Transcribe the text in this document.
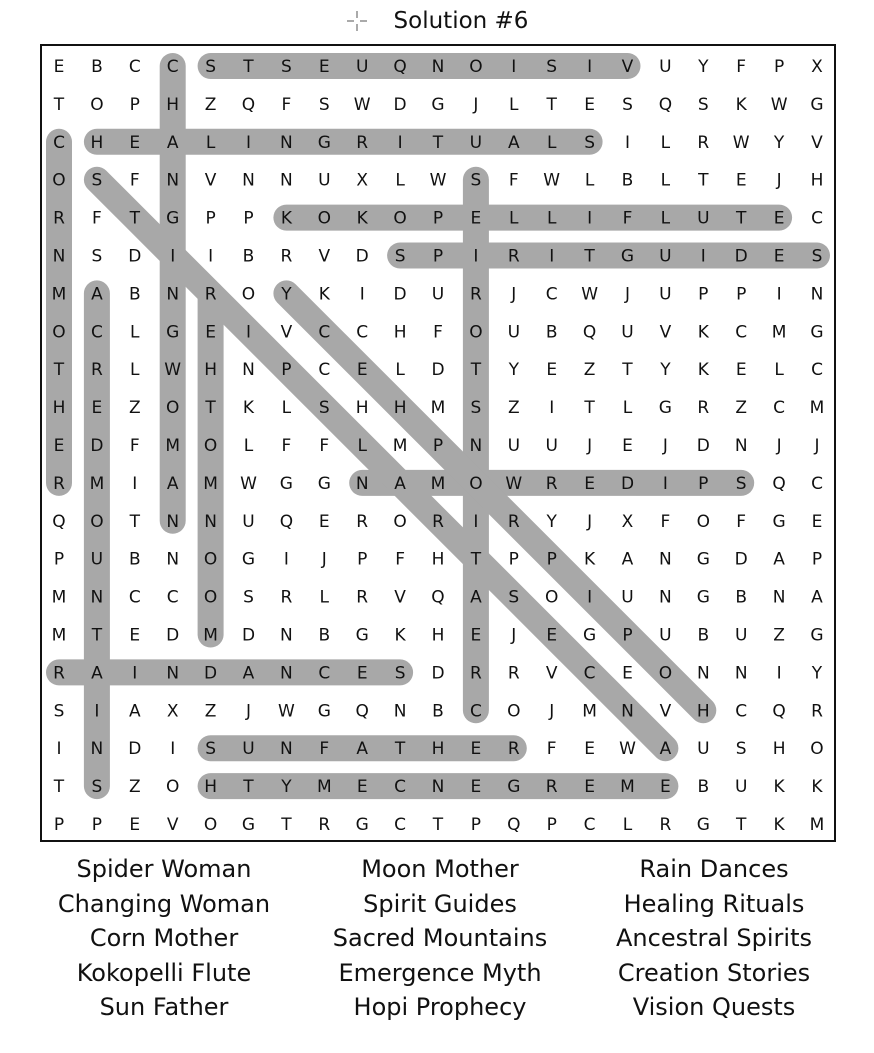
Solution #6
E B C C S T S E U Q N O I S I V U Y F P X
T O P H Z Q F S W D G J L T E S Q S K W G
C H E A L I N G R I T U A L S I L R W Y V
O S F N V N N U X L W S F W L B L T E J H
R F T G P P K O K O P E L L I F L U T E C
N S D I I B R V D S P I R I T G U I D E S
M A B N R O Y K I D U R J C W J U P P I N
O C L G E I V C C H F O U B Q U V K C M G
T R L W H N P C E L D T Y E Z T Y K E L C
H E Z O T K L S H H M S Z I T L G R Z C M
E D F M O L F F L M P N U U J E J D N J J
R M I A M W G G N A M O W R E D I P S Q C
Q O T N N U Q E R O R I R Y J X F O F G E
P U B N O G I J P F H T P P K A N G D A P
M N C C O S R L R V Q A S O I U N G B N A
M T E D M D N B G K H E J E G P U B U Z G
R A I N D A N C E S D R R V C E O N N I Y
S I A X Z J W G Q N B C O J M N V H C Q R
I N D I S U N F A T H E R F E W A U S H O
T S Z O H T Y M E C N E G R E M E B U K K
P P E V O G T R G C T P Q P C L R G T K M
Spider Woman
Changing Woman
Corn Mother
Kokopelli Flute
Sun Father
Moon Mother
Spirit Guides
Sacred Mountains
Emergence Myth
Hopi Prophecy
Rain Dances
Healing Rituals
Ancestral Spirits
Creation Stories
Vision Quests
